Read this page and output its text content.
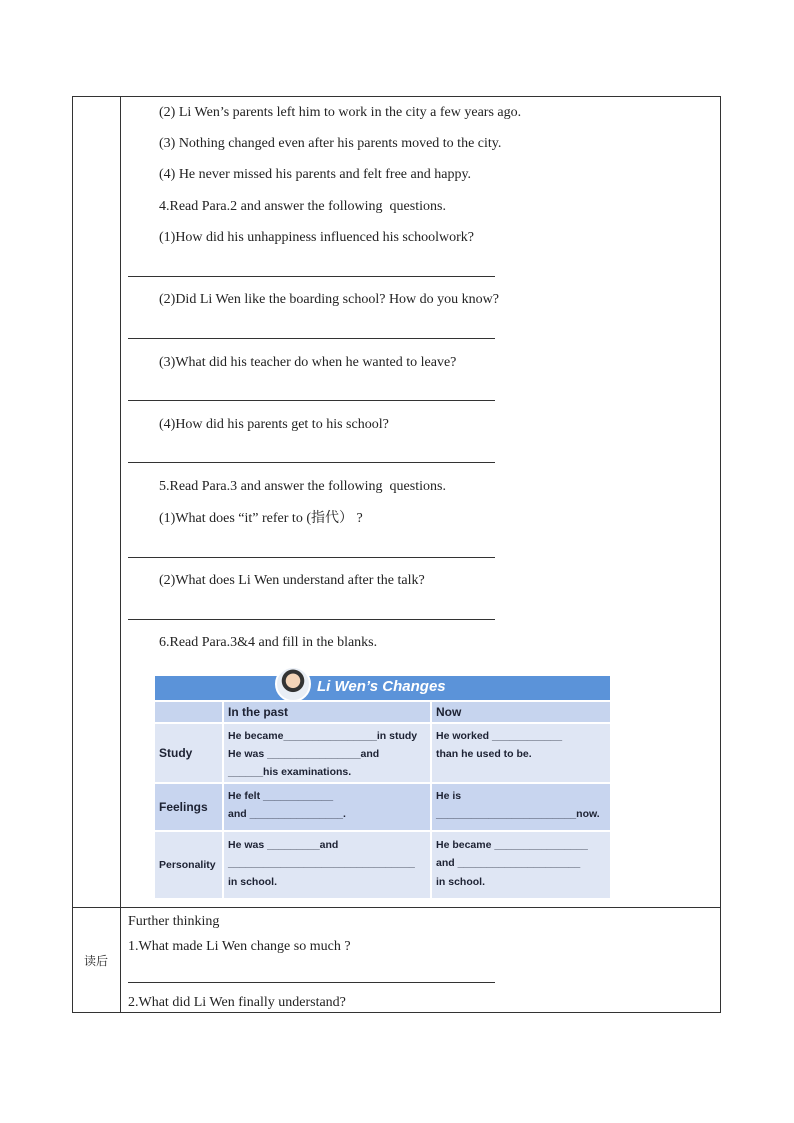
(2) Li Wen’s parents left him to work in the city a few years ago.
(3) Nothing changed even after his parents moved to the city.
(4) He never missed his parents and felt free and happy.
4.Read Para.2 and answer the following  questions.
(1)How did his unhappiness influenced his schoolwork?
(2)Did Li Wen like the boarding school? How do you know?
(3)What did his teacher do when he wanted to leave?
(4)How did his parents get to his school?
5.Read Para.3 and answer the following  questions.
(1)What does “it” refer to (指代） ?
(2)What does Li Wen understand after the talk?
6.Read Para.3&4 and fill in the blanks.
Li Wen’s Changes
In the past	Now
Study
He became________________in study
He was ________________and
______his examinations.
He worked ____________
than he used to be.
Feelings
He felt ____________
and ________________.
He is
________________________now.
Personality
He was _________and
________________________________
in school.
He became ________________
and _____________________
in school.
读后
Further thinking
1.What made Li Wen change so much ?
2.What did Li Wen finally understand?
